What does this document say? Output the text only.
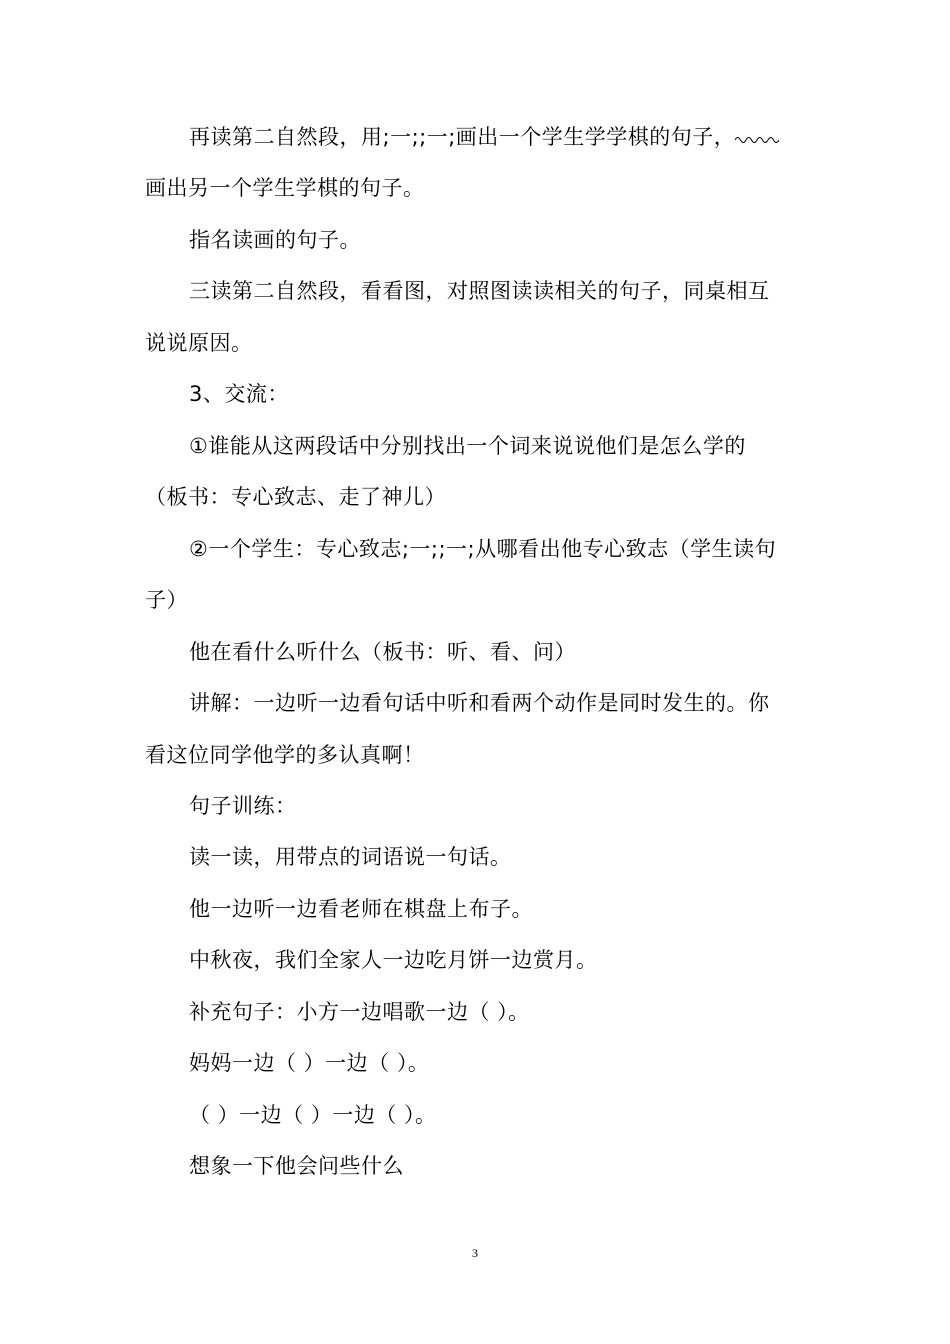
再读第二自然段，用;一;;一;画出一个学生学学棋的句子，
画出另一个学生学棋的句子。
指名读画的句子。
三读第二自然段，看看图，对照图读读相关的句子，同桌相互
说说原因。
3、交流：
①谁能从这两段话中分别找出一个词来说说他们是怎么学的
（板书：专心致志、走了神儿）
②一个学生：专心致志;一;;一;从哪看出他专心致志（学生读句
子）
他在看什么听什么（板书：听、看、问）
讲解：一边听一边看句话中听和看两个动作是同时发生的。你
看这位同学他学的多认真啊！
句子训练：
读一读，用带点的词语说一句话。
他一边听一边看老师在棋盘上布子。
中秋夜，我们全家人一边吃月饼一边赏月。
补充句子：小方一边唱歌一边（ ）。
妈妈一边（ ）一边（ ）。
（ ）一边（ ）一边（ ）。
想象一下他会问些什么
3
